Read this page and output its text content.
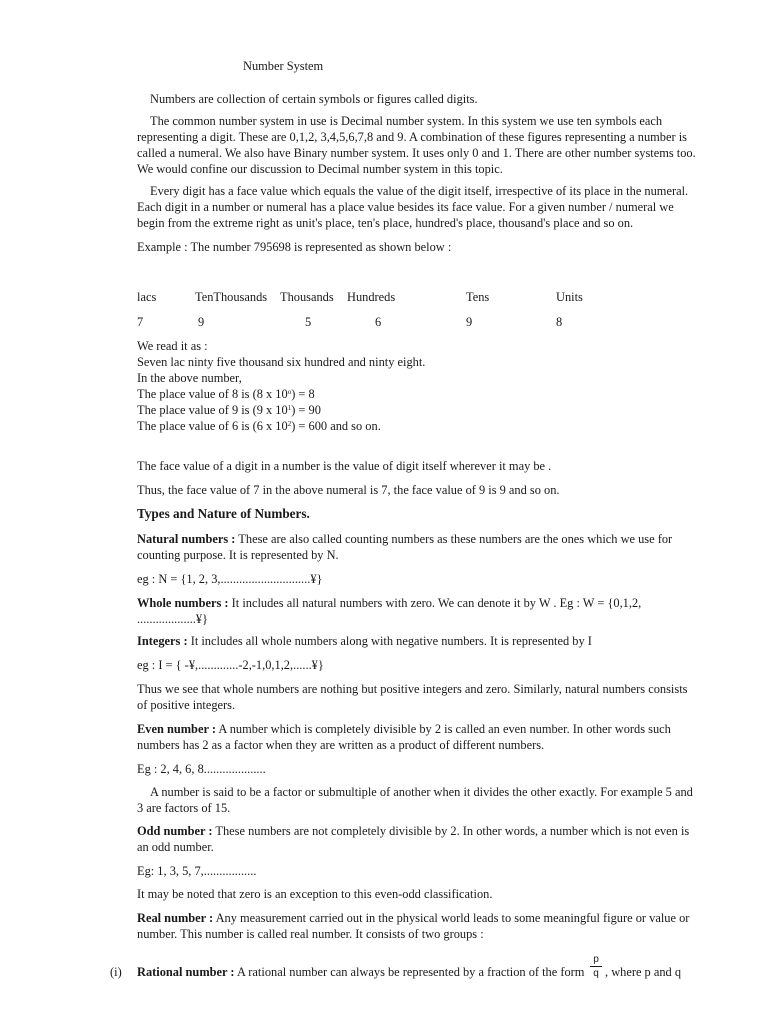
Number System
Numbers are collection of certain symbols or figures called digits.
The common number system in use is Decimal number system. In this system we use ten symbols each representing a digit. These are 0,1,2, 3,4,5,6,7,8 and 9. A combination of these figures representing a number is called a numeral. We also have Binary number system. It uses only 0 and 1. There are other number systems too. We would confine our discussion to Decimal number system in this topic.
Every digit has a face value which equals the value of the digit itself, irrespective of its place in the numeral. Each digit in a number or numeral has a place value besides its face value. For a given number / numeral we begin from the extreme right as unit's place, ten's place, hundred's place, thousand's place and so on.
Example : The number 795698 is represented as shown below :
lacs	TenThousands Thousands Hundreds	Tens	Units
7	9	5	6	9	8
We read it as :
Seven lac ninty five thousand six hundred and ninty eight.
In the above number,
The place value of 8 is (8 x $10^o) = 8$
The place value of 9 is (9 x $10^1) = 90$
The place value of 6 is (6 x $10^2) = 600$ and so on.
The face value of a digit in a number is the value of digit itself wherever it may be .
Thus, the face value of 7 in the above numeral is 7, the face value of 9 is 9 and so on.
Types and Nature of Numbers.
Natural numbers : These are also called counting numbers as these numbers are the ones which we use for counting purpose. It is represented by N.
eg : N = {1, 2, 3,.............................¥}
Whole numbers : It includes all natural numbers with zero. We can denote it by W . Eg : W = {0,1,2, ...................¥}
Integers : It includes all whole numbers along with negative numbers. It is represented by I
eg : I = { -¥,.............-2,-1,0,1,2,......¥}
Thus we see that whole numbers are nothing but positive integers and zero. Similarly, natural numbers consists of positive integers.
Even number : A number which is completely divisible by 2 is called an even number. In other words such numbers has 2 as a factor when they are written as a product of different numbers.
Eg : 2, 4, 6, 8....................
A number is said to be a factor or submultiple of another when it divides the other exactly. For example 5 and 3 are factors of 15.
Odd number : These numbers are not completely divisible by 2. In other words, a number which is not even is an odd number.
Eg: 1, 3, 5, 7,.................
It may be noted that zero is an exception to this even-odd classification.
Real number : Any measurement carried out in the physical world leads to some meaningful figure or value or number. This number is called real number. It consists of two groups :
(i) Rational number : A rational number can always be represented by a fraction of the form
p
q , where p and q
